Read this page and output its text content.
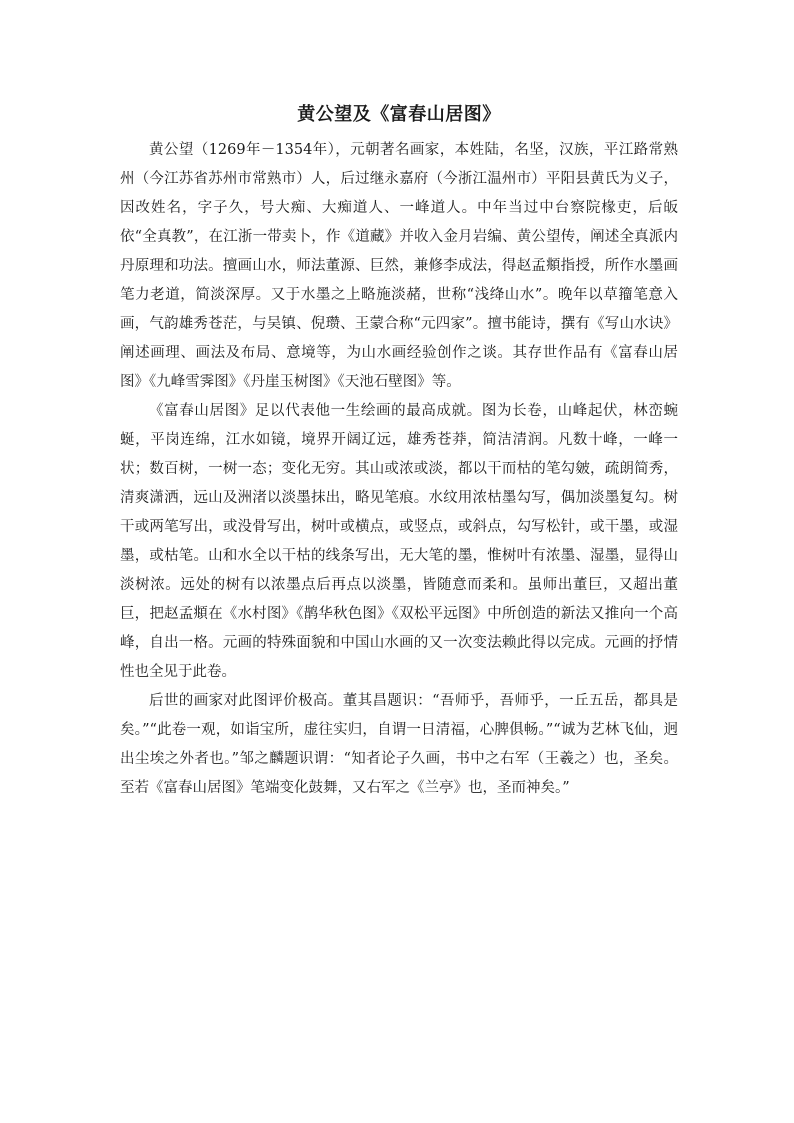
黄公望及《富春山居图》

黄公望（1269年－1354年），元朝著名画家，本姓陆，名坚，汉族，平江路常熟州（今江苏省苏州市常熟市）人，后过继永嘉府（今浙江温州市）平阳县黄氏为义子，因改姓名，字子久，号大痴、大痴道人、一峰道人。中年当过中台察院椽吏，后皈依“全真教”，在江浙一带卖卜，作《道藏》并收入金月岩编、黄公望传，阐述全真派内丹原理和功法。擅画山水，师法董源、巨然，兼修李成法，得赵孟頫指授，所作水墨画笔力老道，简淡深厚。又于水墨之上略施淡赭，世称“浅绛山水”。晚年以草籀笔意入画，气韵雄秀苍茫，与吴镇、倪瓒、王蒙合称“元四家”。擅书能诗，撰有《写山水诀》阐述画理、画法及布局、意境等，为山水画经验创作之谈。其存世作品有《富春山居图》《九峰雪霁图》《丹崖玉树图》《天池石壁图》等。

《富春山居图》足以代表他一生绘画的最高成就。图为长卷，山峰起伏，林峦蜿蜒，平岗连绵，江水如镜，境界开阔辽远，雄秀苍莽，简洁清润。凡数十峰，一峰一状；数百树，一树一态；变化无穷。其山或浓或淡，都以干而枯的笔勾皴，疏朗简秀，清爽潇洒，远山及洲渚以淡墨抹出，略见笔痕。水纹用浓枯墨勾写，偶加淡墨复勾。树干或两笔写出，或没骨写出，树叶或横点，或竖点，或斜点，勾写松针，或干墨，或湿墨，或枯笔。山和水全以干枯的线条写出，无大笔的墨，惟树叶有浓墨、湿墨，显得山淡树浓。远处的树有以浓墨点后再点以淡墨，皆随意而柔和。虽师出董巨，又超出董巨，把赵孟頫在《水村图》《鹊华秋色图》《双松平远图》中所创造的新法又推向一个高峰，自出一格。元画的特殊面貌和中国山水画的又一次变法赖此得以完成。元画的抒情性也全见于此卷。

后世的画家对此图评价极高。董其昌题识：“吾师乎，吾师乎，一丘五岳，都具是矣。”“此卷一观，如诣宝所，虚往实归，自谓一日清福，心脾俱畅。”“诚为艺林飞仙，迥出尘埃之外者也。”邹之麟题识谓：“知者论子久画，书中之右军（王羲之）也，圣矣。至若《富春山居图》笔端变化鼓舞，又右军之《兰亭》也，圣而神矣。”
